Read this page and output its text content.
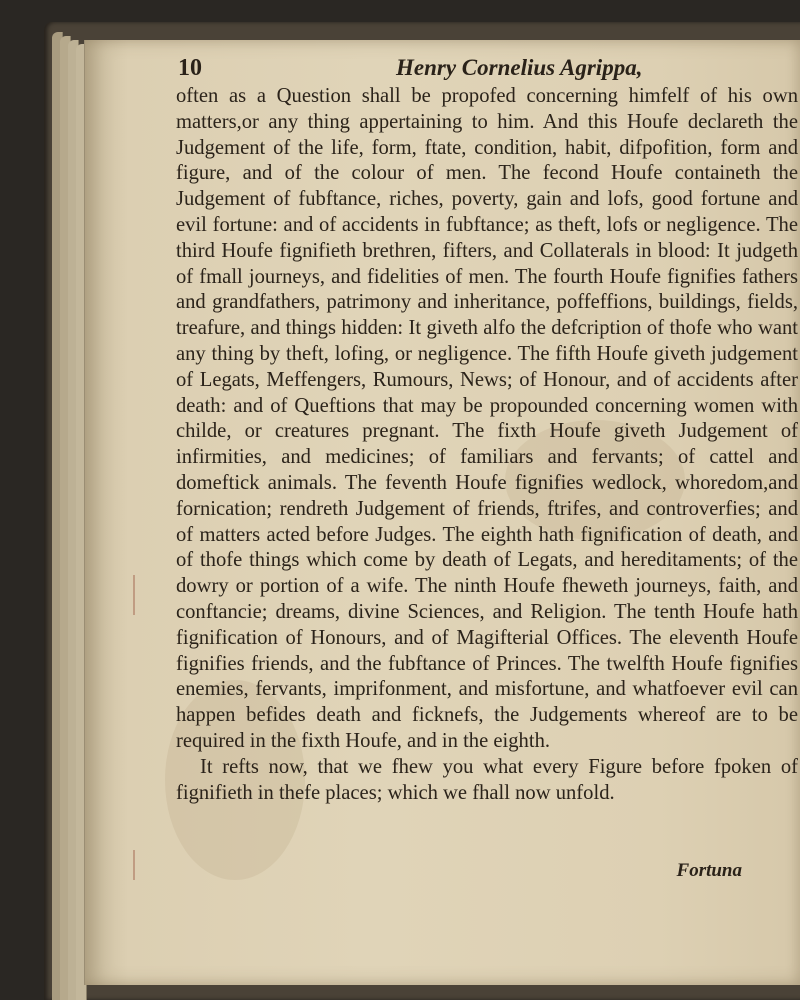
10	Henry Cornelius Agrippa,

often as a Question shall be propofed concerning himfelf of his own matters,or any thing appertaining to him. And this Houfe declareth the Judgement of the life, form, ftate, condition, habit, difpofition, form and figure, and of the colour of men. The fecond Houfe containeth the Judgement of fubftance, riches, poverty, gain and lofs, good fortune and evil fortune: and of accidents in fubftance; as theft, lofs or negligence. The third Houfe fignifieth brethren, fifters, and Collaterals in blood: It judgeth of fmall journeys, and fidelities of men. The fourth Houfe fignifies fathers and grandfathers, patrimony and inheritance, poffeffions, buildings, fields, treafure, and things hidden: It giveth alfo the defcription of thofe who want any thing by theft, lofing, or negligence. The fifth Houfe giveth judgement of Legats, Meffengers, Rumours, News; of Honour, and of accidents after death: and of Queftions that may be propounded concerning women with childe, or creatures pregnant. The fixth Houfe giveth Judgement of infirmities, and medicines; of familiars and fervants; of cattel and domeftick animals. The feventh Houfe fignifies wedlock, whoredom,and fornication; rendreth Judgement of friends, ftrifes, and controverfies; and of matters acted before Judges. The eighth hath fignification of death, and of thofe things which come by death of Legats, and hereditaments; of the dowry or portion of a wife. The ninth Houfe fheweth journeys, faith, and conftancie; dreams, divine Sciences, and Religion. The tenth Houfe hath fignification of Honours, and of Magifterial Offices. The eleventh Houfe fignifies friends, and the fubftance of Princes. The twelfth Houfe fignifies enemies, fervants, imprifonment, and misfortune, and whatfoever evil can happen befides death and ficknefs, the Judgements whereof are to be required in the fixth Houfe, and in the eighth.

It refts now, that we fhew you what every Figure before fpoken of fignifieth in thefe places; which we fhall now unfold.

Fortuna
